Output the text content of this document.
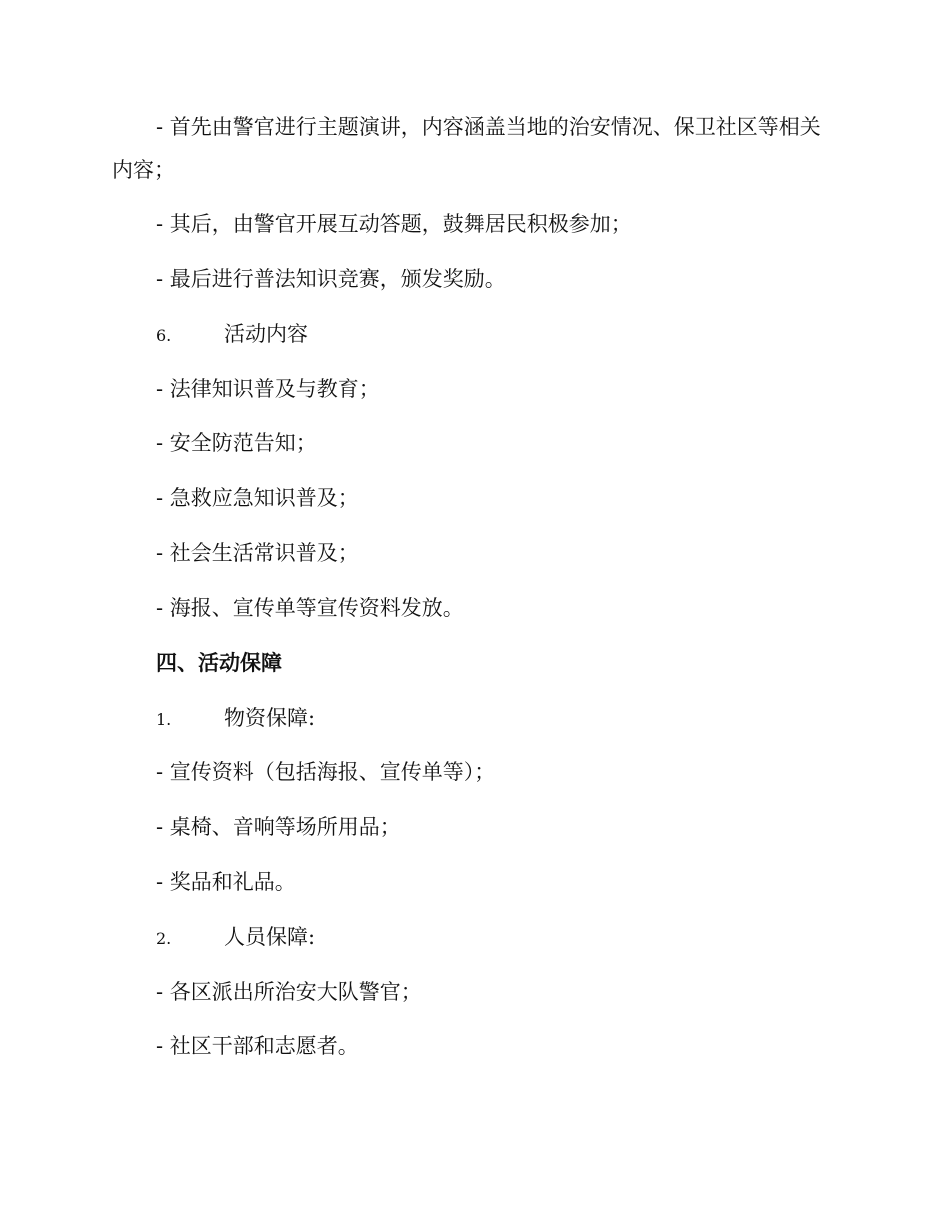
- 首先由警官进行主题演讲，内容涵盖当地的治安情况、保卫社区等相关内容；
- 其后，由警官开展互动答题，鼓舞居民积极参加；
- 最后进行普法知识竞赛，颁发奖励。
6.	活动内容
- 法律知识普及与教育；
- 安全防范告知；
- 急救应急知识普及；
- 社会生活常识普及；
- 海报、宣传单等宣传资料发放。
四、活动保障
1.	物资保障:
- 宣传资料（包括海报、宣传单等）；
- 桌椅、音响等场所用品；
- 奖品和礼品。
2.	人员保障:
- 各区派出所治安大队警官；
- 社区干部和志愿者。
